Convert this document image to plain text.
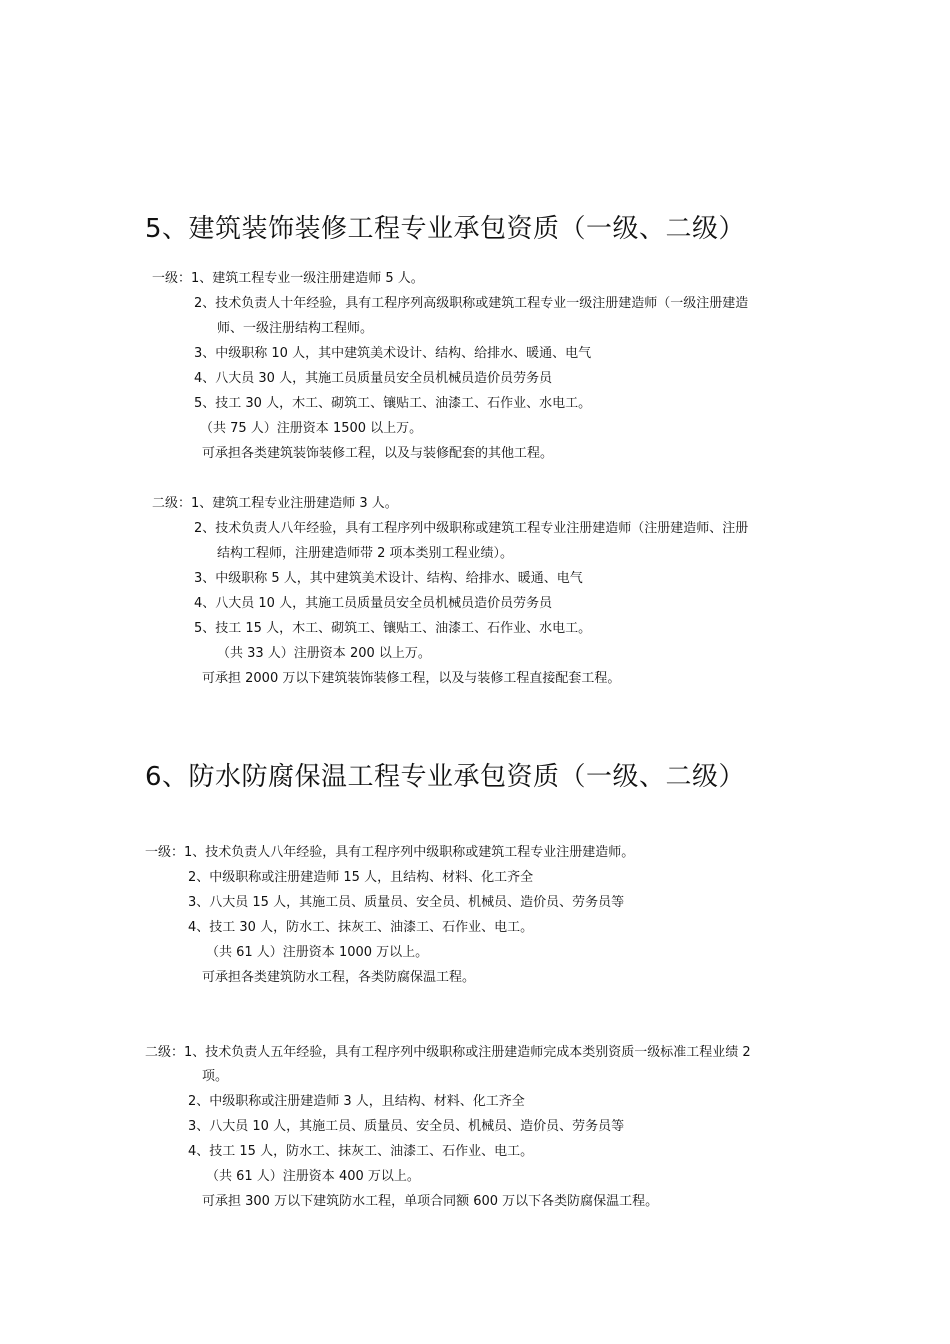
5、建筑装饰装修工程专业承包资质（一级、二级）
一级：1、建筑工程专业一级注册建造师 5 人。
2、技术负责人十年经验，具有工程序列高级职称或建筑工程专业一级注册建造师（一级注册建造
师、一级注册结构工程师。
3、中级职称 10 人，其中建筑美术设计、结构、给排水、暖通、电气
4、八大员 30 人，其施工员质量员安全员机械员造价员劳务员
5、技工 30 人，木工、砌筑工、镶贴工、油漆工、石作业、水电工。
（共 75 人）注册资本 1500 以上万。
可承担各类建筑装饰装修工程，以及与装修配套的其他工程。
二级：1、建筑工程专业注册建造师 3 人。
2、技术负责人八年经验，具有工程序列中级职称或建筑工程专业注册建造师（注册建造师、注册
结构工程师，注册建造师带 2 项本类别工程业绩）。
3、中级职称 5 人，其中建筑美术设计、结构、给排水、暖通、电气
4、八大员 10 人，其施工员质量员安全员机械员造价员劳务员
5、技工 15 人，木工、砌筑工、镶贴工、油漆工、石作业、水电工。
（共 33 人）注册资本 200 以上万。
可承担 2000 万以下建筑装饰装修工程，以及与装修工程直接配套工程。
6、防水防腐保温工程专业承包资质（一级、二级）
一级：1、技术负责人八年经验，具有工程序列中级职称或建筑工程专业注册建造师。
2、中级职称或注册建造师 15 人，且结构、材料、化工齐全
3、八大员 15 人，其施工员、质量员、安全员、机械员、造价员、劳务员等
4、技工 30 人，防水工、抹灰工、油漆工、石作业、电工。
（共 61 人）注册资本 1000 万以上。
可承担各类建筑防水工程，各类防腐保温工程。
二级：1、技术负责人五年经验，具有工程序列中级职称或注册建造师完成本类别资质一级标准工程业绩 2
项。
2、中级职称或注册建造师 3 人，且结构、材料、化工齐全
3、八大员 10 人，其施工员、质量员、安全员、机械员、造价员、劳务员等
4、技工 15 人，防水工、抹灰工、油漆工、石作业、电工。
（共 61 人）注册资本 400 万以上。
可承担 300 万以下建筑防水工程，单项合同额 600 万以下各类防腐保温工程。
